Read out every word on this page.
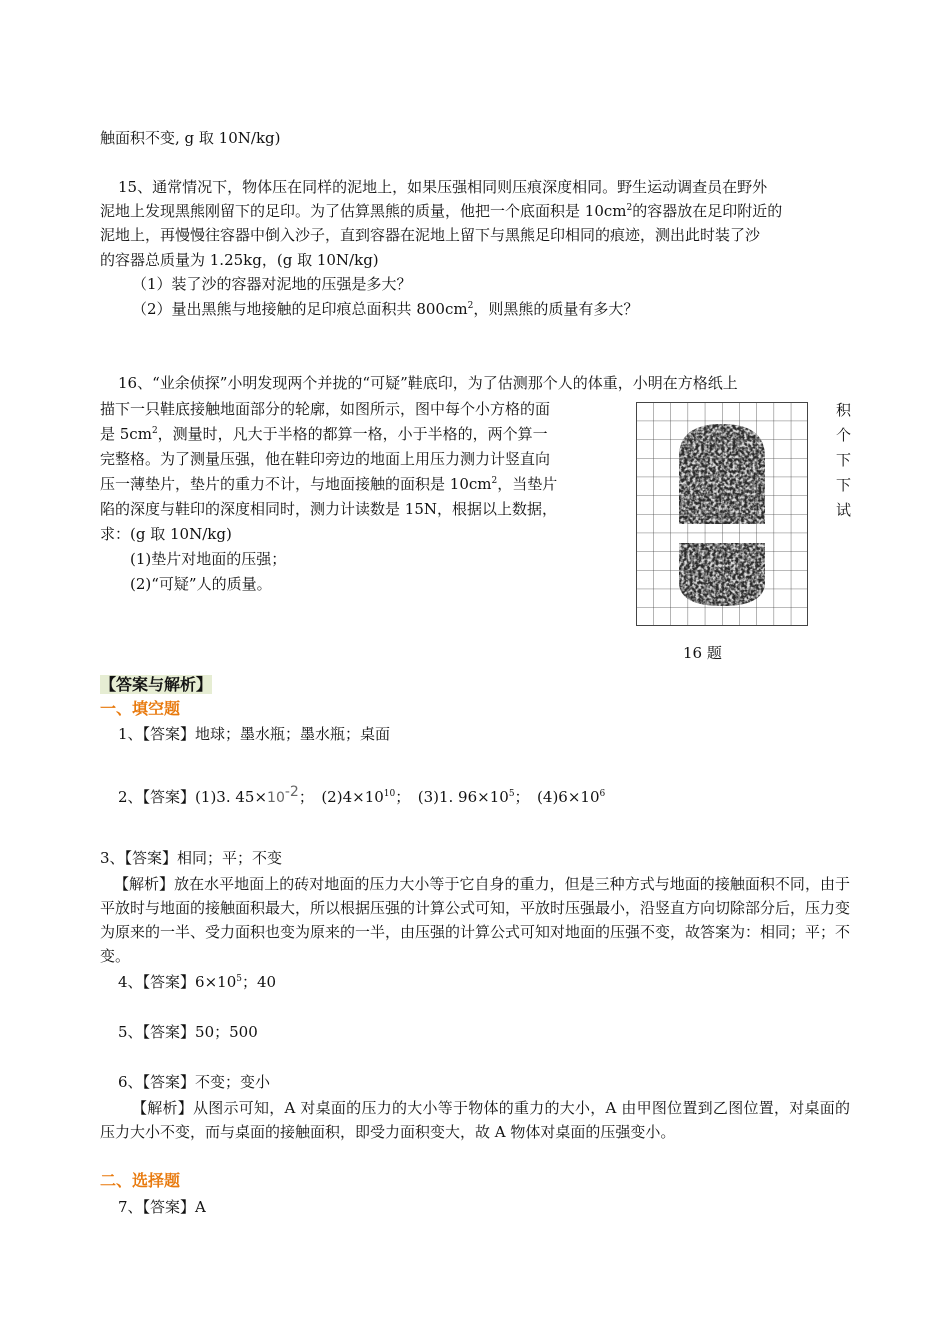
触面积不变, g 取 10N/kg)
15、通常情况下，物体压在同样的泥地上，如果压强相同则压痕深度相同。野生运动调查员在野外
泥地上发现黑熊刚留下的足印。为了估算黑熊的质量，他把一个底面积是 $10cm^2$的容器放在足印附近的
泥地上，再慢慢往容器中倒入沙子，直到容器在泥地上留下与黑熊足印相同的痕迹，测出此时装了沙
的容器总质量为 1.25kg，(g 取 10N/kg)
（1）装了沙的容器对泥地的压强是多大？
（2）量出黑熊与地接触的足印痕总面积共 $800cm^2$，则黑熊的质量有多大？
16、“业余侦探”小明发现两个并拢的“可疑”鞋底印，为了估测那个人的体重，小明在方格纸上
描下一只鞋底接触地面部分的轮廓，如图所示，图中每个小方格的面
是 $5cm^2$，测量时，凡大于半格的都算一格，小于半格的，两个算一
完整格。为了测量压强，他在鞋印旁边的地面上用压力测力计竖直向
压一薄垫片，垫片的重力不计，与地面接触的面积是 $10cm^2$，当垫片
陷的深度与鞋印的深度相同时，测力计读数是 15N，根据以上数据，
求：(g 取 10N/kg)
(1)垫片对地面的压强；
(2)“可疑”人的质量。
积
个
下
下
试
16 题
【答案与解析】
一、填空题
1、【答案】地球；墨水瓶；墨水瓶；桌面
2、【答案】(1)3. $45\times 10^{-2}$；　$(2)4\times 10^{10}$；　(3)1. $96\times 10^5$；　$(4)6\times 10^6$
3、【答案】相同；平；不变
【解析】放在水平地面上的砖对地面的压力大小等于它自身的重力，但是三种方式与地面的接触面积不同，由于平放时与地面的接触面积最大，所以根据压强的计算公式可知，平放时压强最小，沿竖直方向切除部分后，压力变为原来的一半、受力面积也变为原来的一半，由压强的计算公式可知对地面的压强不变，故答案为：相同；平；不变。
4、【答案】$6\times 10^5$；40
5、【答案】50；500
6、【答案】不变；变小
【解析】从图示可知，A 对桌面的压力的大小等于物体的重力的大小，A 由甲图位置到乙图位置，对桌面的压力大小不变，而与桌面的接触面积，即受力面积变大，故 A 物体对桌面的压强变小。
二、选择题
7、【答案】A
